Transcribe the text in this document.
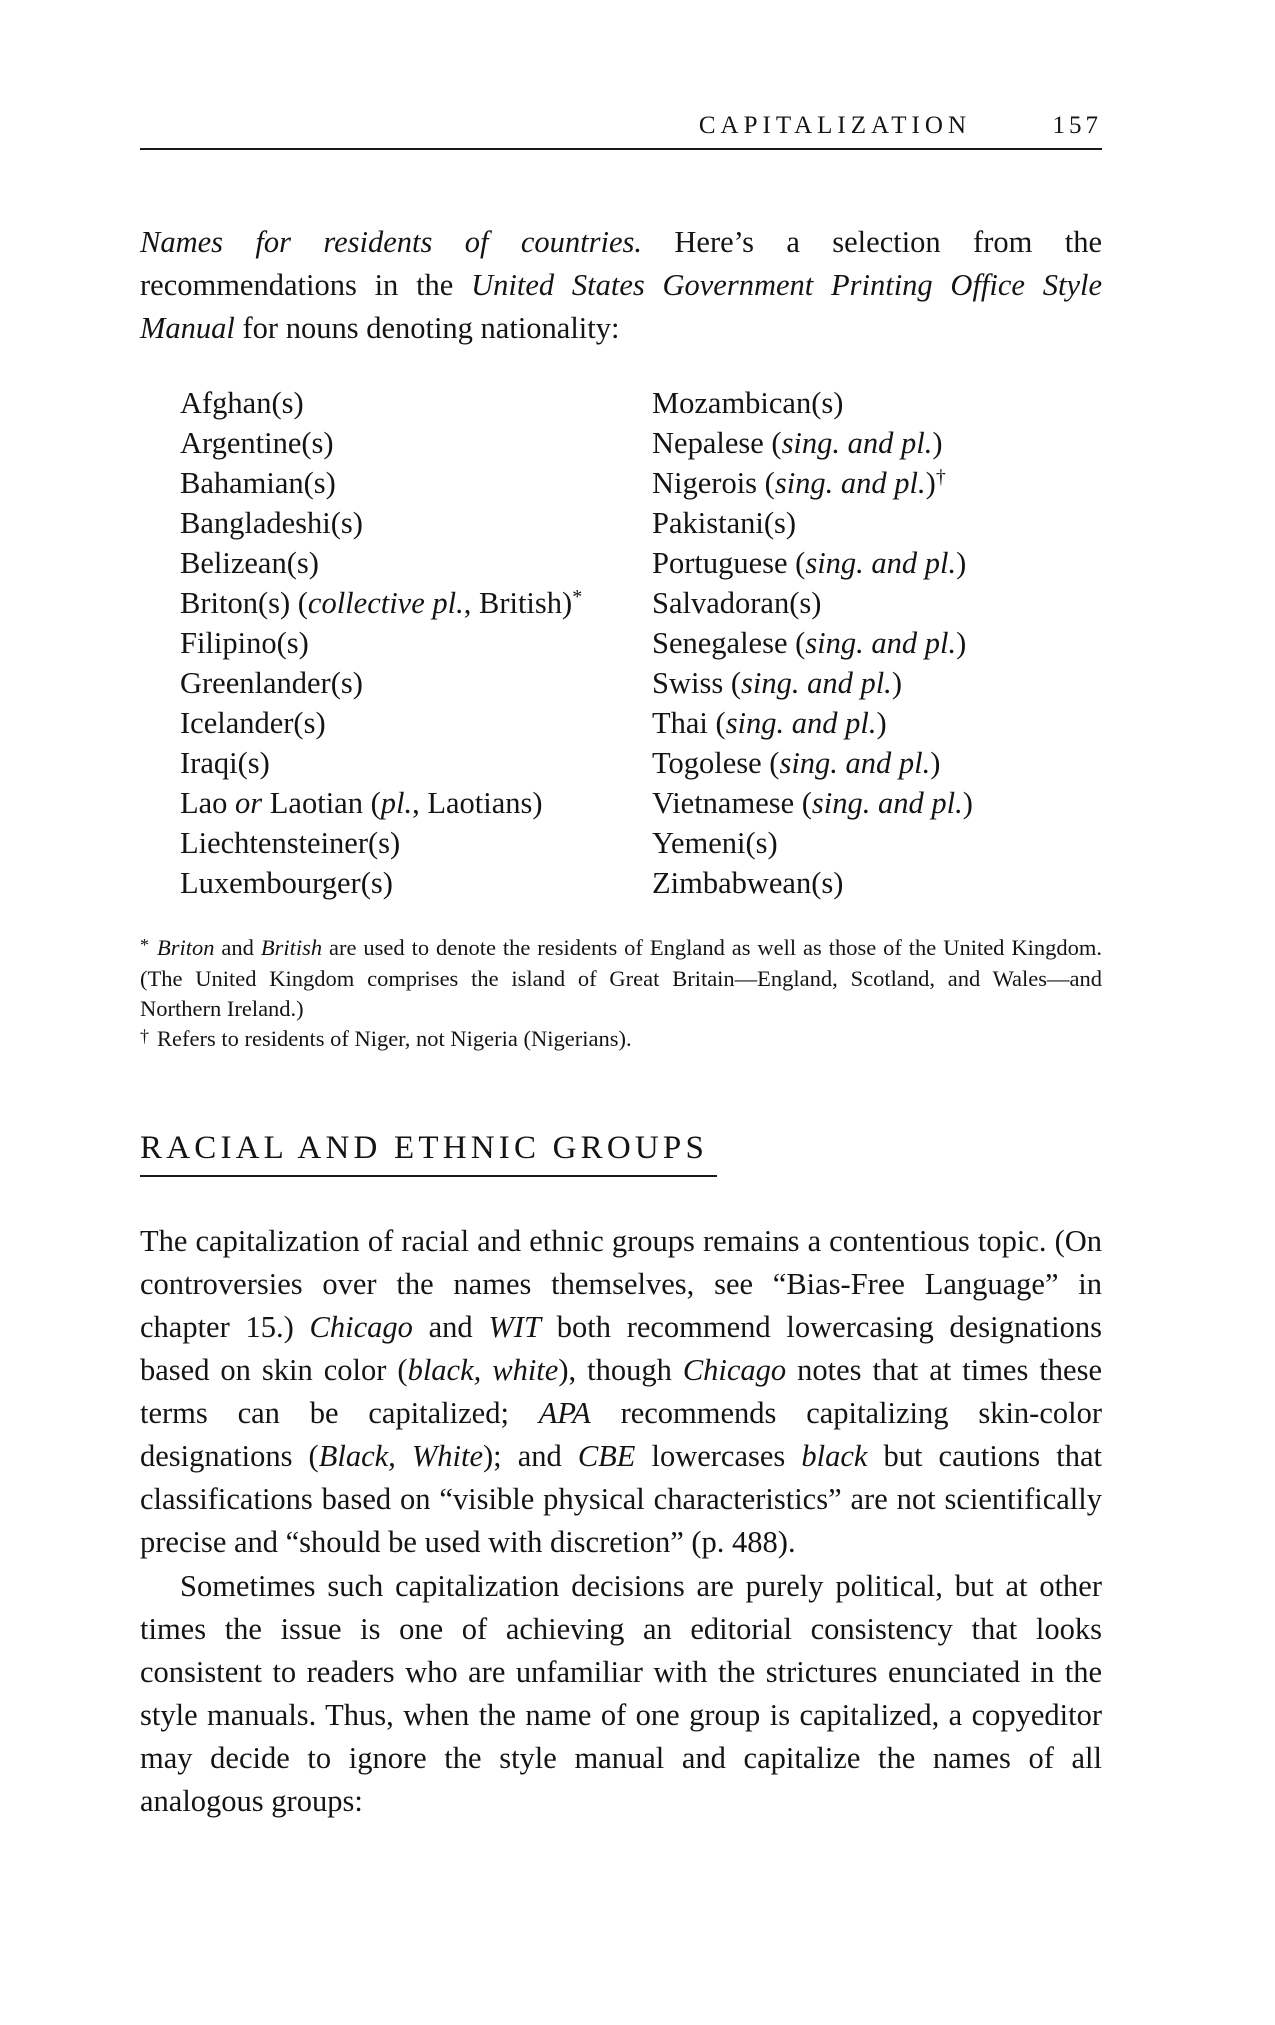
CAPITALIZATION	157

Names for residents of countries. Here’s a selection from the recommendations in the United States Government Printing Office Style Manual for nouns denoting nationality:

Afghan(s)
Argentine(s)
Bahamian(s)
Bangladeshi(s)
Belizean(s)
Briton(s) (collective pl., British)*
Filipino(s)
Greenlander(s)
Icelander(s)
Iraqi(s)
Lao or Laotian (pl., Laotians)
Liechtensteiner(s)
Luxembourger(s)
Mozambican(s)
Nepalese (sing. and pl.)
Nigerois (sing. and pl.)†
Pakistani(s)
Portuguese (sing. and pl.)
Salvadoran(s)
Senegalese (sing. and pl.)
Swiss (sing. and pl.)
Thai (sing. and pl.)
Togolese (sing. and pl.)
Vietnamese (sing. and pl.)
Yemeni(s)
Zimbabwean(s)

* Briton and British are used to denote the residents of England as well as those of the United Kingdom. (The United Kingdom comprises the island of Great Britain—England, Scotland, and Wales—and Northern Ireland.)

† Refers to residents of Niger, not Nigeria (Nigerians).

RACIAL AND ETHNIC GROUPS

The capitalization of racial and ethnic groups remains a contentious topic. (On controversies over the names themselves, see “Bias-Free Language” in chapter 15.) Chicago and WIT both recommend lowercasing designations based on skin color (black, white), though Chicago notes that at times these terms can be capitalized; APA recommends capitalizing skin-color designations (Black, White); and CBE lowercases black but cautions that classifications based on “visible physical characteristics” are not scientifically precise and “should be used with discretion” (p. 488).

Sometimes such capitalization decisions are purely political, but at other times the issue is one of achieving an editorial consistency that looks consistent to readers who are unfamiliar with the strictures enunciated in the style manuals. Thus, when the name of one group is capitalized, a copyeditor may decide to ignore the style manual and capitalize the names of all analogous groups:
